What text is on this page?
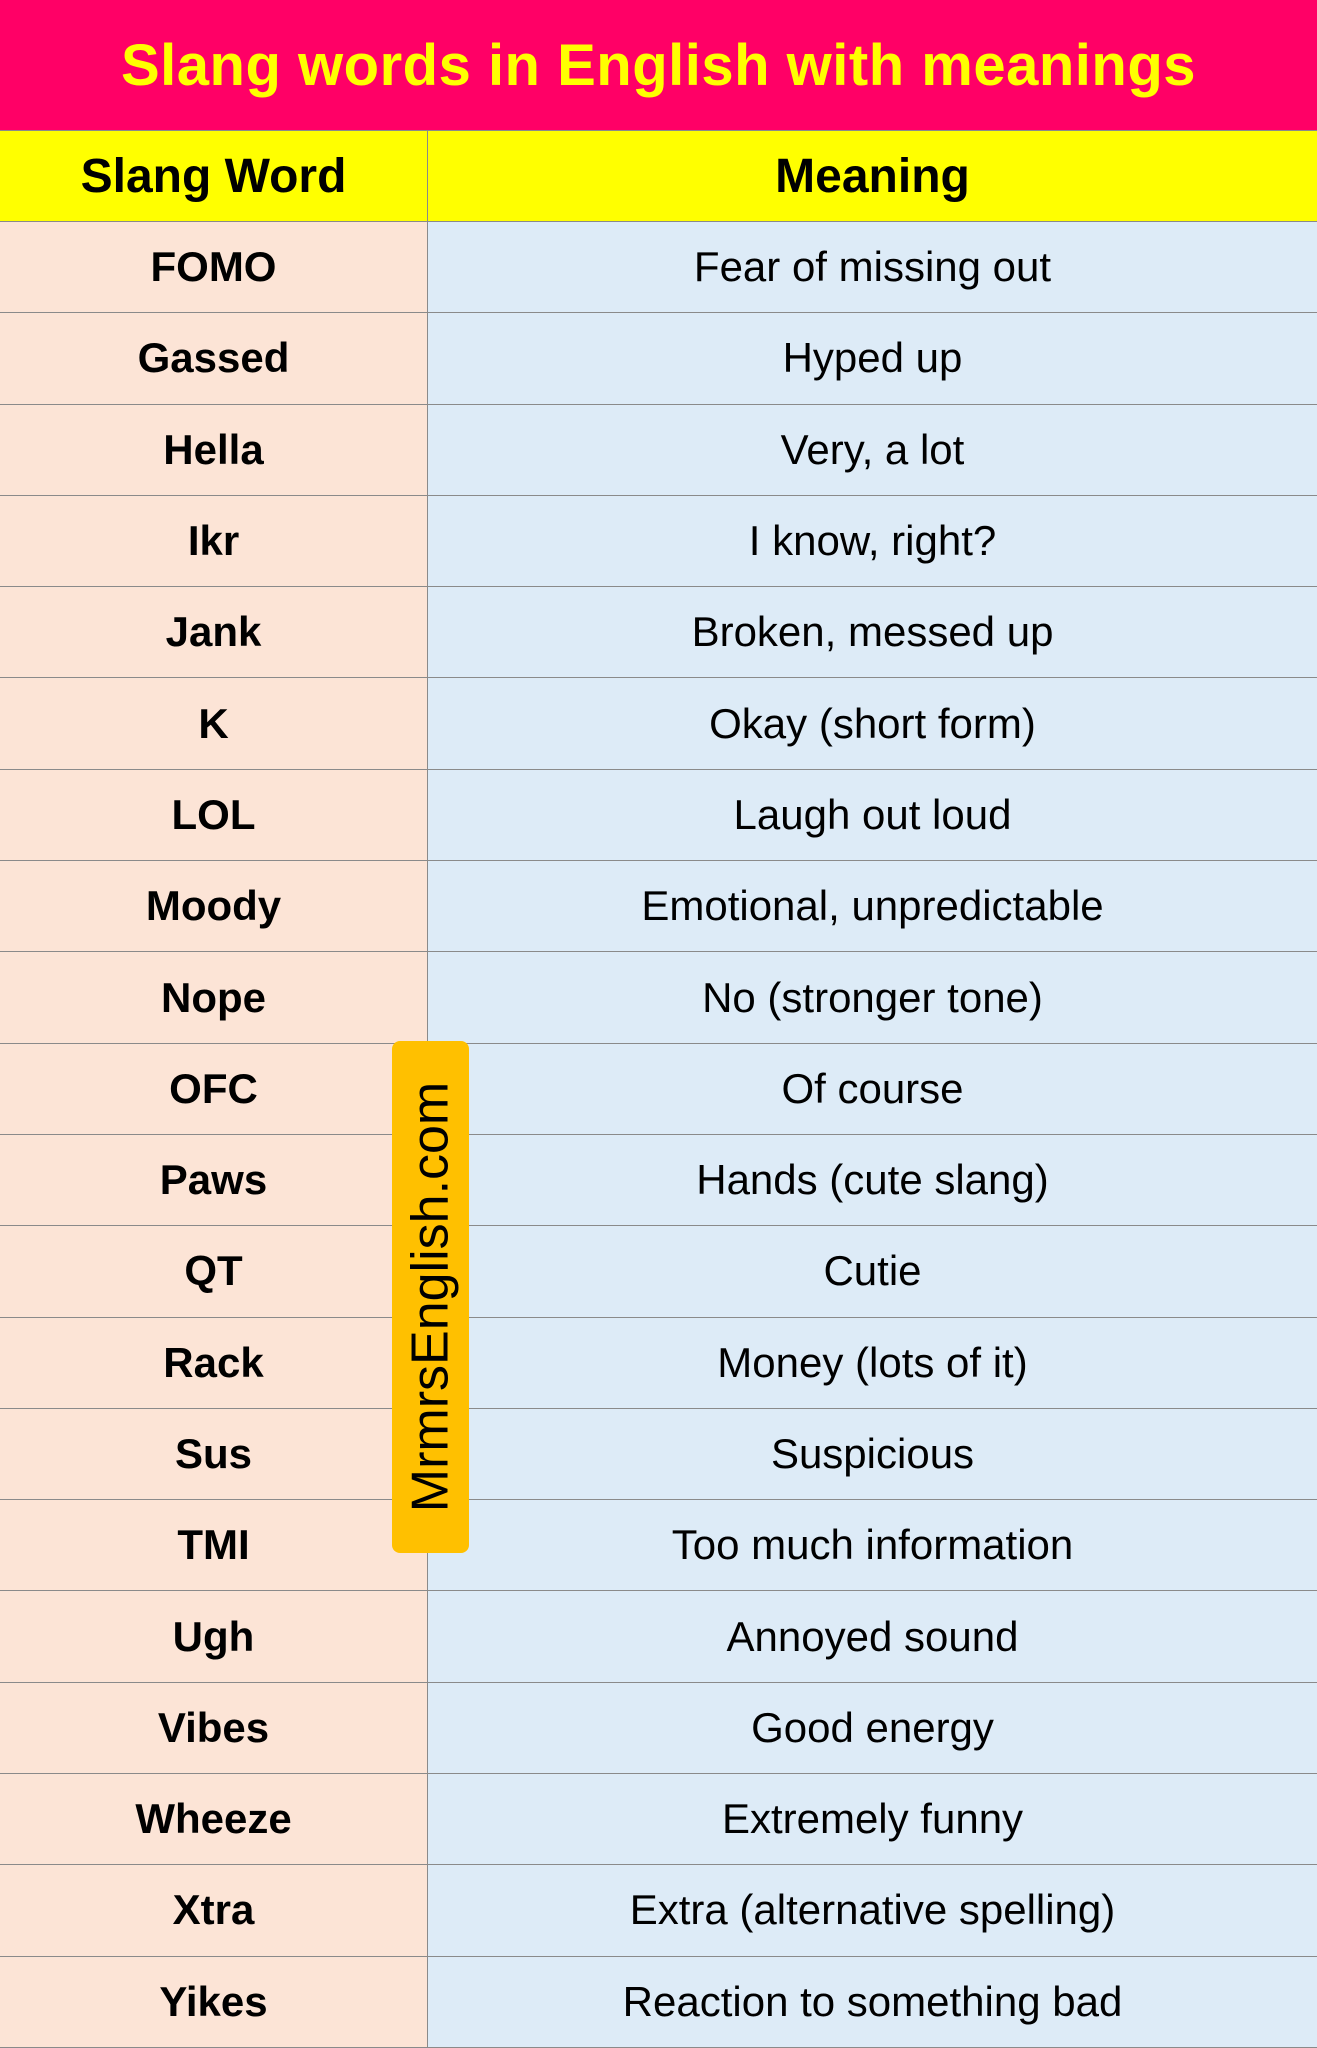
Slang words in English with meanings
Slang Word	Meaning
FOMO	Fear of missing out
Gassed	Hyped up
Hella	Very, a lot
Ikr	I know, right?
Jank	Broken, messed up
K	Okay (short form)
LOL	Laugh out loud
Moody	Emotional, unpredictable
Nope	No (stronger tone)
OFC	Of course
Paws	Hands (cute slang)
QT	Cutie
Rack	Money (lots of it)
Sus	Suspicious
TMI	Too much information
Ugh	Annoyed sound
Vibes	Good energy
Wheeze	Extremely funny
Xtra	Extra (alternative spelling)
Yikes	Reaction to something bad
MrmrsEnglish.com
